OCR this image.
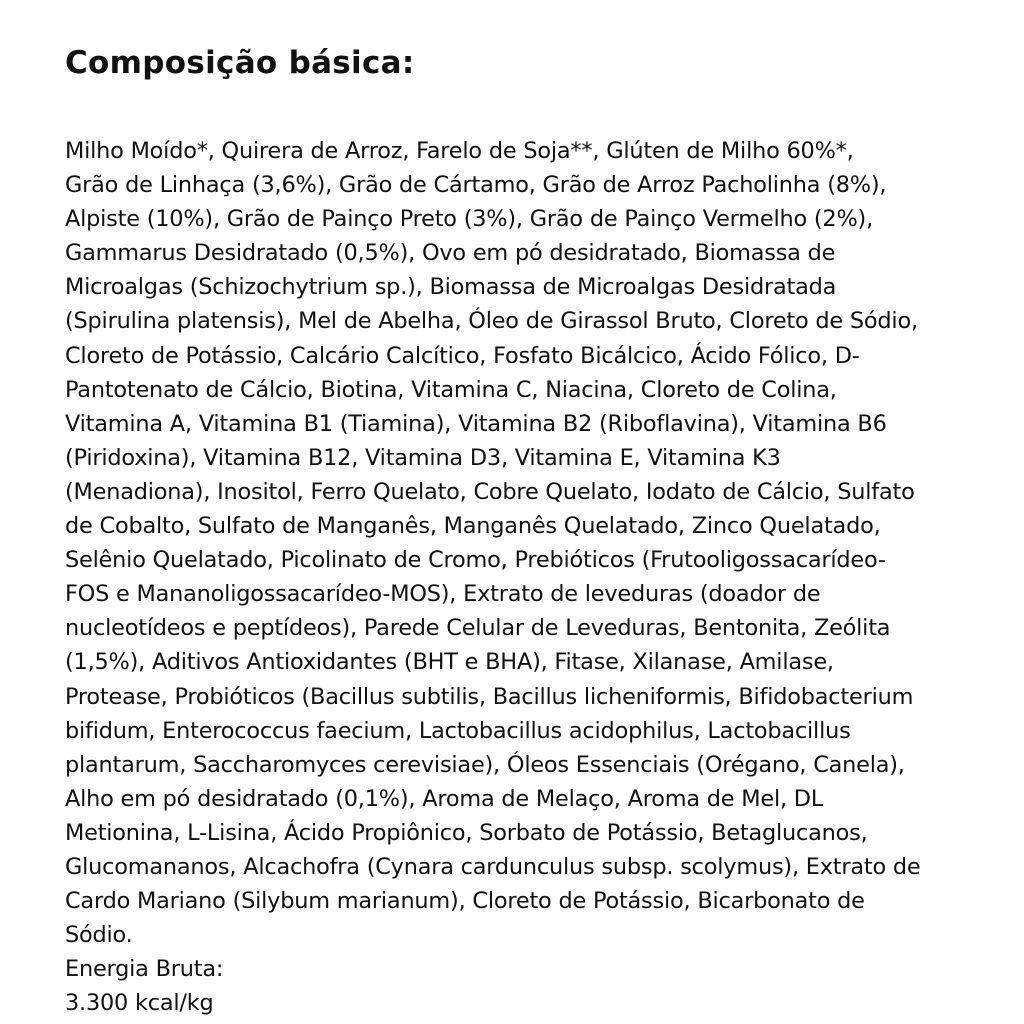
Composição básica:

Milho Moído*, Quirera de Arroz, Farelo de Soja**, Glúten de Milho 60%*,

Grão de Linhaça (3,6%), Grão de Cártamo, Grão de Arroz Pacholinha (8%),

Alpiste (10%), Grão de Painço Preto (3%), Grão de Painço Vermelho (2%),

Gammarus Desidratado (0,5%), Ovo em pó desidratado, Biomassa de

Microalgas (Schizochytrium sp.), Biomassa de Microalgas Desidratada

(Spirulina platensis), Mel de Abelha, Óleo de Girassol Bruto, Cloreto de Sódio,

Cloreto de Potássio, Calcário Calcítico, Fosfato Bicálcico, Ácido Fólico, D-

Pantotenato de Cálcio, Biotina, Vitamina C, Niacina, Cloreto de Colina,

Vitamina A, Vitamina B1 (Tiamina), Vitamina B2 (Riboflavina), Vitamina B6

(Piridoxina), Vitamina B12, Vitamina D3, Vitamina E, Vitamina K3

(Menadiona), Inositol, Ferro Quelato, Cobre Quelato, Iodato de Cálcio, Sulfato

de Cobalto, Sulfato de Manganês, Manganês Quelatado, Zinco Quelatado,

Selênio Quelatado, Picolinato de Cromo, Prebióticos (Frutooligossacarídeo-

FOS e Mananoligossacarídeo-MOS), Extrato de leveduras (doador de

nucleotídeos e peptídeos), Parede Celular de Leveduras, Bentonita, Zeólita

(1,5%), Aditivos Antioxidantes (BHT e BHA), Fitase, Xilanase, Amilase,

Protease, Probióticos (Bacillus subtilis, Bacillus licheniformis, Bifidobacterium

bifidum, Enterococcus faecium, Lactobacillus acidophilus, Lactobacillus

plantarum, Saccharomyces cerevisiae), Óleos Essenciais (Orégano, Canela),

Alho em pó desidratado (0,1%), Aroma de Melaço, Aroma de Mel, DL

Metionina, L-Lisina, Ácido Propiônico, Sorbato de Potássio, Betaglucanos,

Glucomananos, Alcachofra (Cynara cardunculus subsp. scolymus), Extrato de

Cardo Mariano (Silybum marianum), Cloreto de Potássio, Bicarbonato de

Sódio.

Energia Bruta:

3.300 kcal/kg
